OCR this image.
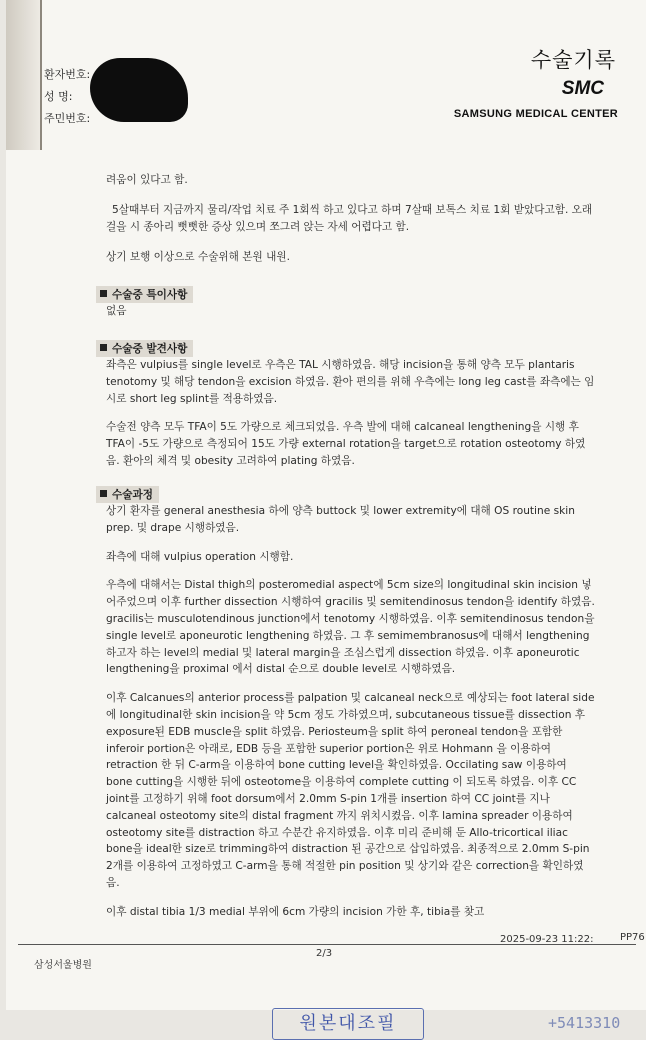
수술기록
SMC
SAMSUNG MEDICAL CENTER
환자번호:
성 명:
주민번호:

려움이 있다고 함.

5살때부터 지금까지 물리/작업 치료 주 1회씩 하고 있다고 하며 7살때 보톡스 치료 1회 받았다고함. 오래 걸을 시 종아리 뻣뻣한 증상 있으며 쪼그려 앉는 자세 어렵다고 함.

상기 보행 이상으로 수술위해 본원 내원.

수술중 특이사항
없음
수술중 발견사항

좌측은 vulpius를 single level로 우측은 TAL 시행하였음. 해당 incision을 통해 양측 모두 plantaris tenotomy 및 해당 tendon을 excision 하였음. 환아 편의를 위해 우측에는 long leg cast를 좌측에는 임시로 short leg splint를 적용하였음.

수술전 양측 모두 TFA이 5도 가량으로 체크되었음. 우측 발에 대해 calcaneal lengthening을 시행 후 TFA이 -5도 가량으로 측정되어 15도 가량 external rotation을 target으로 rotation osteotomy 하였음. 환아의 체격 및 obesity 고려하여 plating 하였음.

수술과정

상기 환자를 general anesthesia 하에 양측 buttock 및 lower extremity에 대해 OS routine skin prep. 및 drape 시행하였음.

좌측에 대해 vulpius operation 시행함.

우측에 대해서는 Distal thigh의 posteromedial aspect에 5cm size의 longitudinal skin incision 넣어주었으며 이후 further dissection 시행하여 gracilis 및 semitendinosus tendon을 identify 하였음. gracilis는 musculotendinous junction에서 tenotomy 시행하였음. 이후 semitendinosus tendon을 single level로 aponeurotic lengthening 하였음. 그 후 semimembranosus에 대해서 lengthening하고자 하는 level의 medial 및 lateral margin을 조심스럽게 dissection 하였음. 이후 aponeurotic lengthening을 proximal 에서 distal 순으로 double level로 시행하였음.

이후 Calcanues의 anterior process를 palpation 및 calcaneal neck으로 예상되는 foot lateral side에 longitudinal한 skin incision을 약 5cm 정도 가하였으며, subcutaneous tissue를 dissection 후 exposure된 EDB muscle을 split 하였음. Periosteum을 split 하여 peroneal tendon을 포함한 inferoir portion은 아래로, EDB 등을 포함한 superior portion은 위로 Hohmann 을 이용하여 retraction 한 뒤 C-arm을 이용하여 bone cutting level을 확인하였음. Occilating saw 이용하여 bone cutting을 시행한 뒤에 osteotome을 이용하여 complete cutting 이 되도록 하였음. 이후 CC joint를 고정하기 위해 foot dorsum에서 2.0mm S-pin 1개를 insertion 하여 CC joint를 지나 calcaneal osteotomy site의 distal fragment 까지 위치시켰음. 이후 lamina spreader 이용하여 osteotomy site를 distraction 하고 수분간 유지하였음. 이후 미리 준비해 둔 Allo-tricortical iliac bone을 ideal한 size로 trimming하여 distraction 된 공간으로 삽입하였음. 최종적으로 2.0mm S-pin 2개를 이용하여 고정하였고 C-arm을 통해 적절한 pin position 및 상기와 같은 correction을 확인하였음.

이후 distal tibia 1/3 medial 부위에 6cm 가량의 incision 가한 후, tibia를 찾고

삼성서울병원
2/3
2025-09-23 11:22:	PP76
원본대조필	+5413310
